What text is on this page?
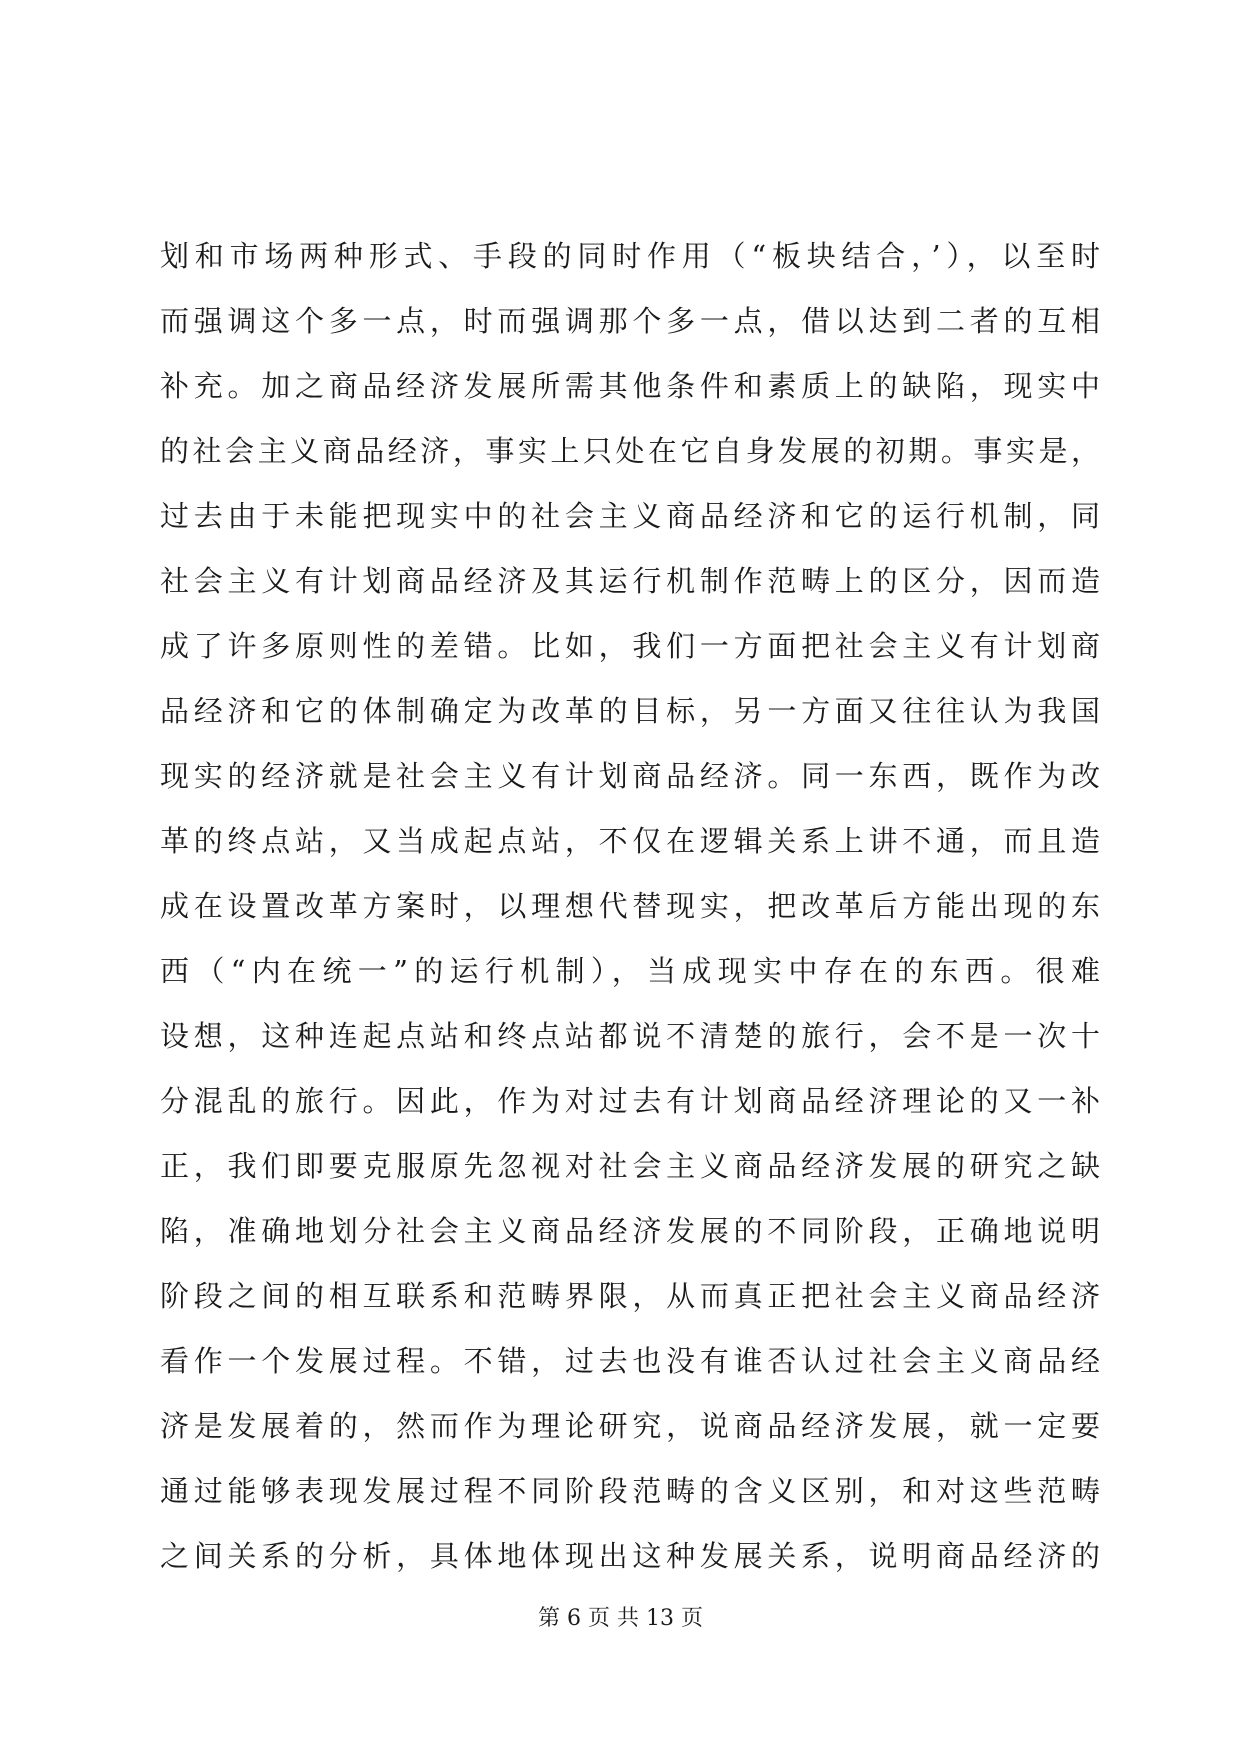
划和市场两种形式、手段的同时作用（“板块结合，’），以至时
而强调这个多一点，时而强调那个多一点，借以达到二者的互相
补充。加之商品经济发展所需其他条件和素质上的缺陷，现实中
的社会主义商品经济，事实上只处在它自身发展的初期。事实是，
过去由于未能把现实中的社会主义商品经济和它的运行机制，同
社会主义有计划商品经济及其运行机制作范畴上的区分，因而造
成了许多原则性的差错。比如，我们一方面把社会主义有计划商
品经济和它的体制确定为改革的目标，另一方面又往往认为我国
现实的经济就是社会主义有计划商品经济。同一东西，既作为改
革的终点站，又当成起点站，不仅在逻辑关系上讲不通，而且造
成在设置改革方案时，以理想代替现实，把改革后方能出现的东
西（“内在统一”的运行机制），当成现实中存在的东西。很难
设想，这种连起点站和终点站都说不清楚的旅行，会不是一次十
分混乱的旅行。因此，作为对过去有计划商品经济理论的又一补
正，我们即要克服原先忽视对社会主义商品经济发展的研究之缺
陷，准确地划分社会主义商品经济发展的不同阶段，正确地说明
阶段之间的相互联系和范畴界限，从而真正把社会主义商品经济
看作一个发展过程。不错，过去也没有谁否认过社会主义商品经
济是发展着的，然而作为理论研究，说商品经济发展，就一定要
通过能够表现发展过程不同阶段范畴的含义区别，和对这些范畴
之间关系的分析，具体地体现出这种发展关系，说明商品经济的
第 6 页 共 13 页
